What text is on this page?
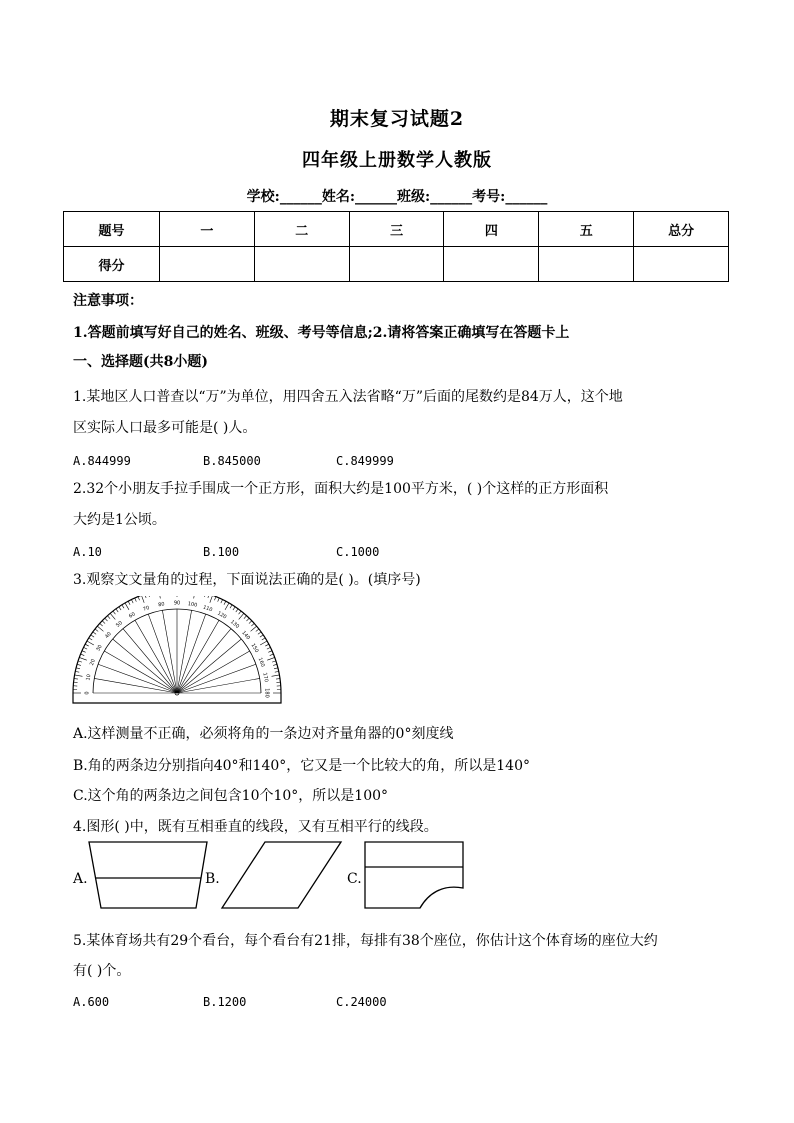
期末复习试题2
四年级上册数学人教版
学校:______姓名:______班级:______考号:______
题号	一	二	三	四	五	总分
得分						
注意事项：
1.答题前填写好自己的姓名、班级、考号等信息;2.请将答案正确填写在答题卡上
一、选择题(共8小题)
1.某地区人口普查以“万”为单位，用四舍五入法省略“万”后面的尾数约是84万人，这个地
区实际人口最多可能是( )人。
A.844999	B.845000	C.849999
2.32个小朋友手拉手围成一个正方形，面积大约是100平方米，( )个这样的正方形面积
大约是1公顷。
A.10	B.100	C.1000
3.观察文文量角的过程，下面说法正确的是( )。(填序号)
180
170
160
150
140
130
120
110
100
90
80
70
60
50
40
30
20
10
0
A.这样测量不正确，必须将角的一条边对齐量角器的0°刻度线
B.角的两条边分别指向40°和140°，它又是一个比较大的角，所以是140°
C.这个角的两条边之间包含10个10°，所以是100°
4.图形( )中，既有互相垂直的线段，又有互相平行的线段。
A.	B.	C.
5.某体育场共有29个看台，每个看台有21排，每排有38个座位，你估计这个体育场的座位大约
有( )个。
A.600	B.1200	C.24000
